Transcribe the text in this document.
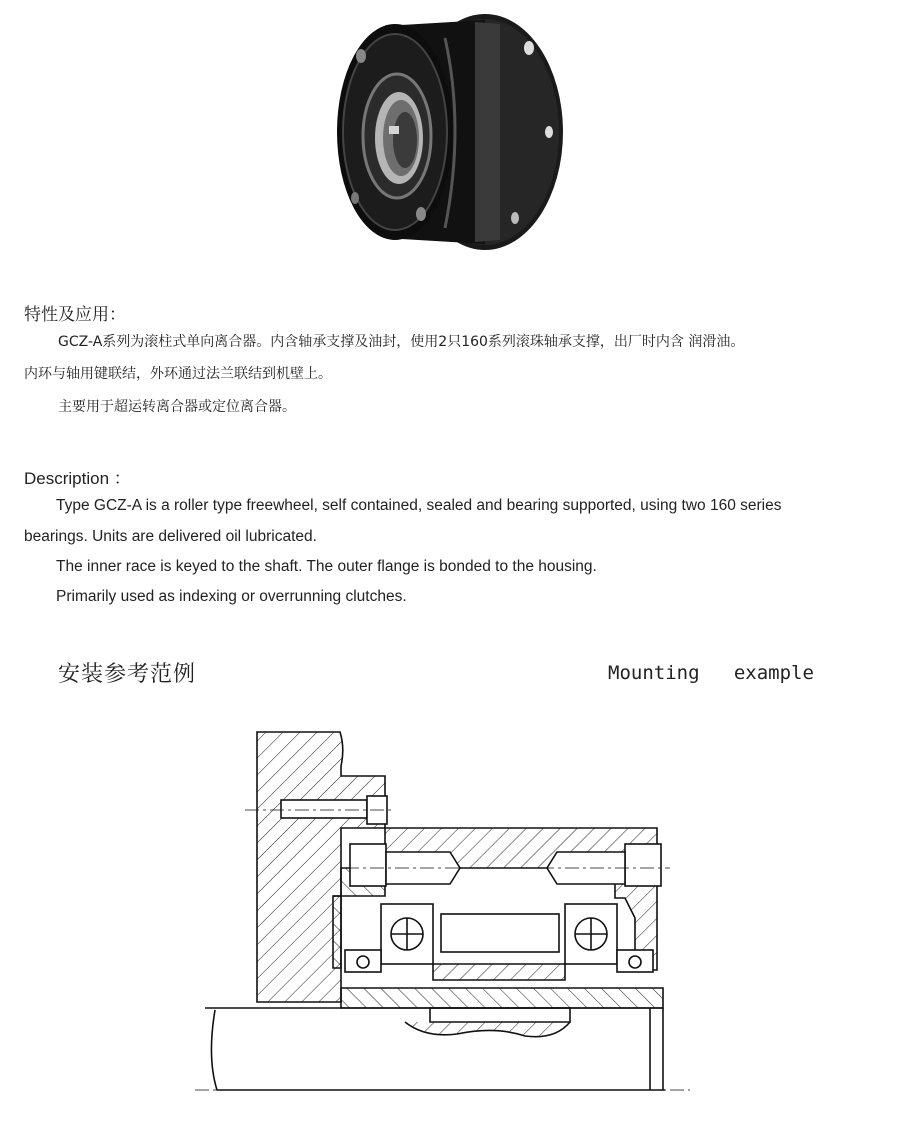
特性及应用：
GCZ-A系列为滚柱式单向离合器。内含轴承支撑及油封，使用2只160系列滚珠轴承支撑，出厂时内含 润滑油。
内环与轴用键联结，外环通过法兰联结到机壁上。
主要用于超运转离合器或定位离合器。
Description ：
Type GCZ-A is a roller type freewheel, self contained, sealed and bearing supported, using two 160 series
bearings. Units are delivered oil lubricated.
The inner race is keyed to the shaft. The outer flange is bonded to the housing.
Primarily used as indexing or overrunning clutches.
安装参考范例	Mounting   example
